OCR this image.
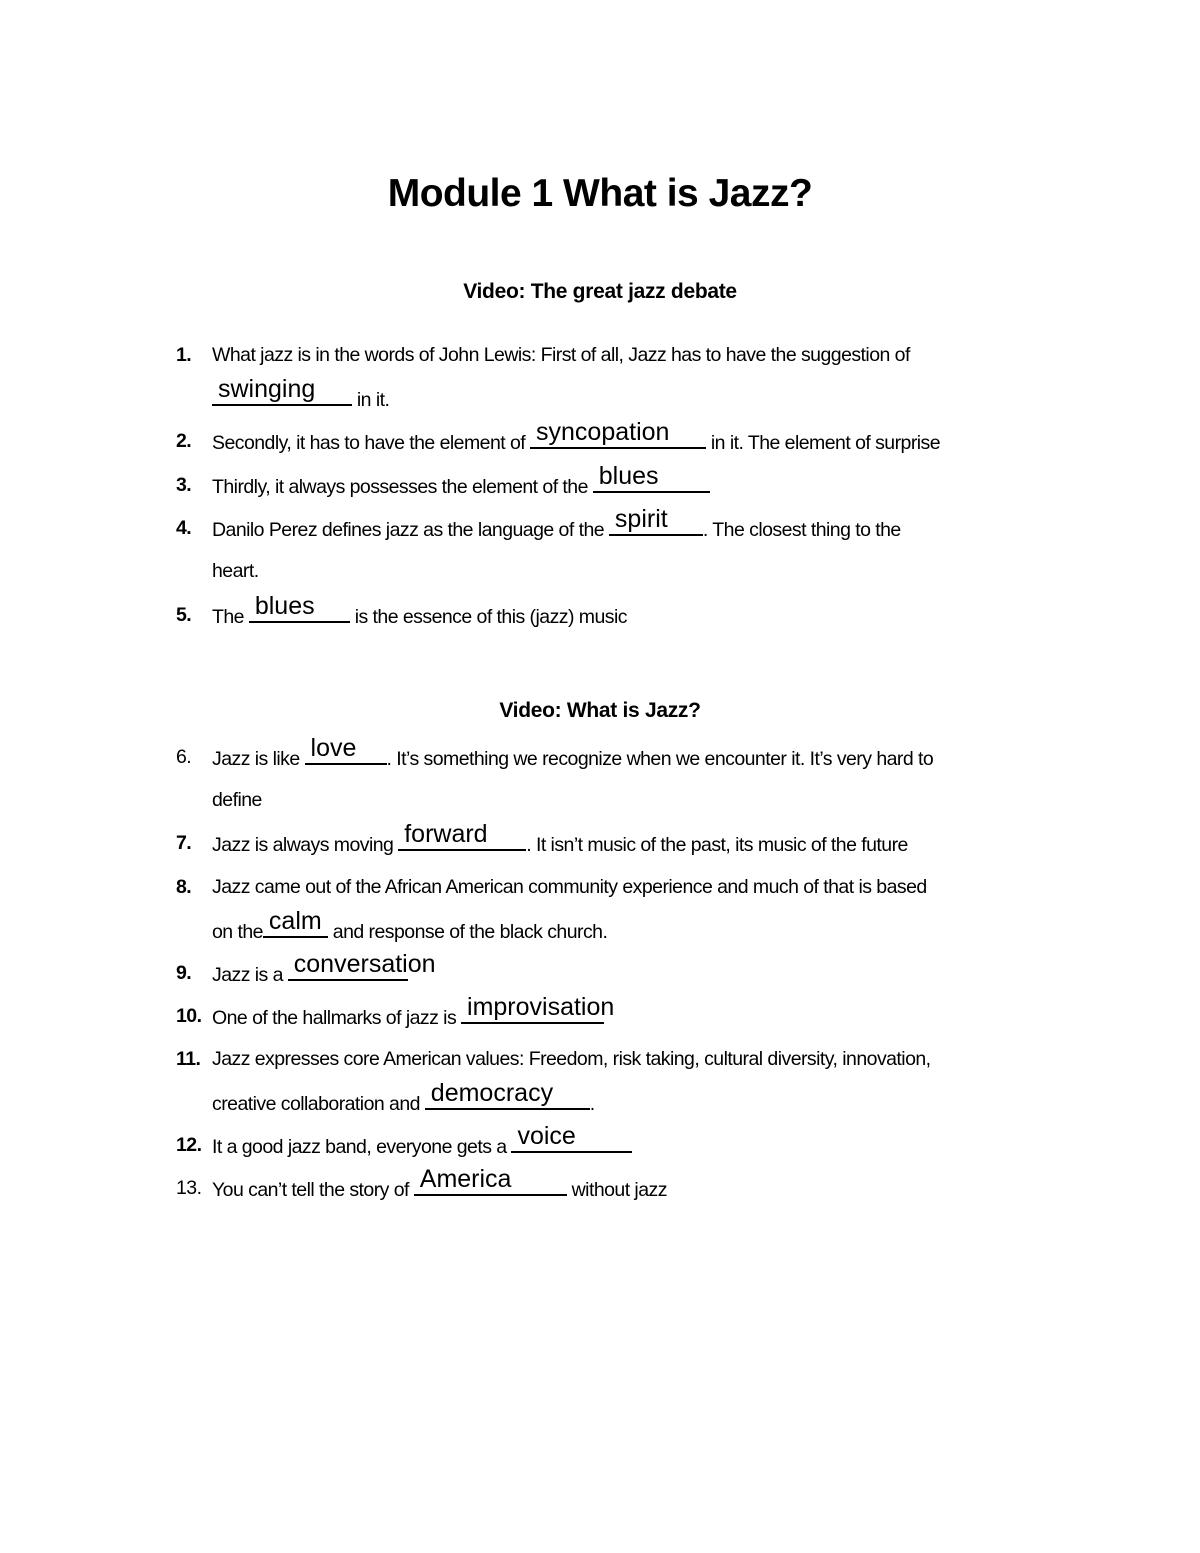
Module 1 What is Jazz?
Video: The great jazz debate
Video: What is Jazz?
1. What jazz is in the words of John Lewis: First of all, Jazz has to have the suggestion of
swinging in it.
2. Secondly, it has to have the element of syncopation in it. The element of surprise
3. Thirdly, it always possesses the element of the blues
4. Danilo Perez defines jazz as the language of the spirit . The closest thing to the
heart.
5. The blues is the essence of this (jazz) music
6. Jazz is like love . It’s something we recognize when we encounter it. It’s very hard to
define
7. Jazz is always moving forward . It isn’t music of the past, its music of the future
8. Jazz came out of the African American community experience and much of that is based
on the calm and response of the black church.
9. Jazz is a conversation
10. One of the hallmarks of jazz is improvisation
11. Jazz expresses core American values: Freedom, risk taking, cultural diversity, innovation,
creative collaboration and democracy .
12. It a good jazz band, everyone gets a voice
13. You can’t tell the story of America	without jazz
